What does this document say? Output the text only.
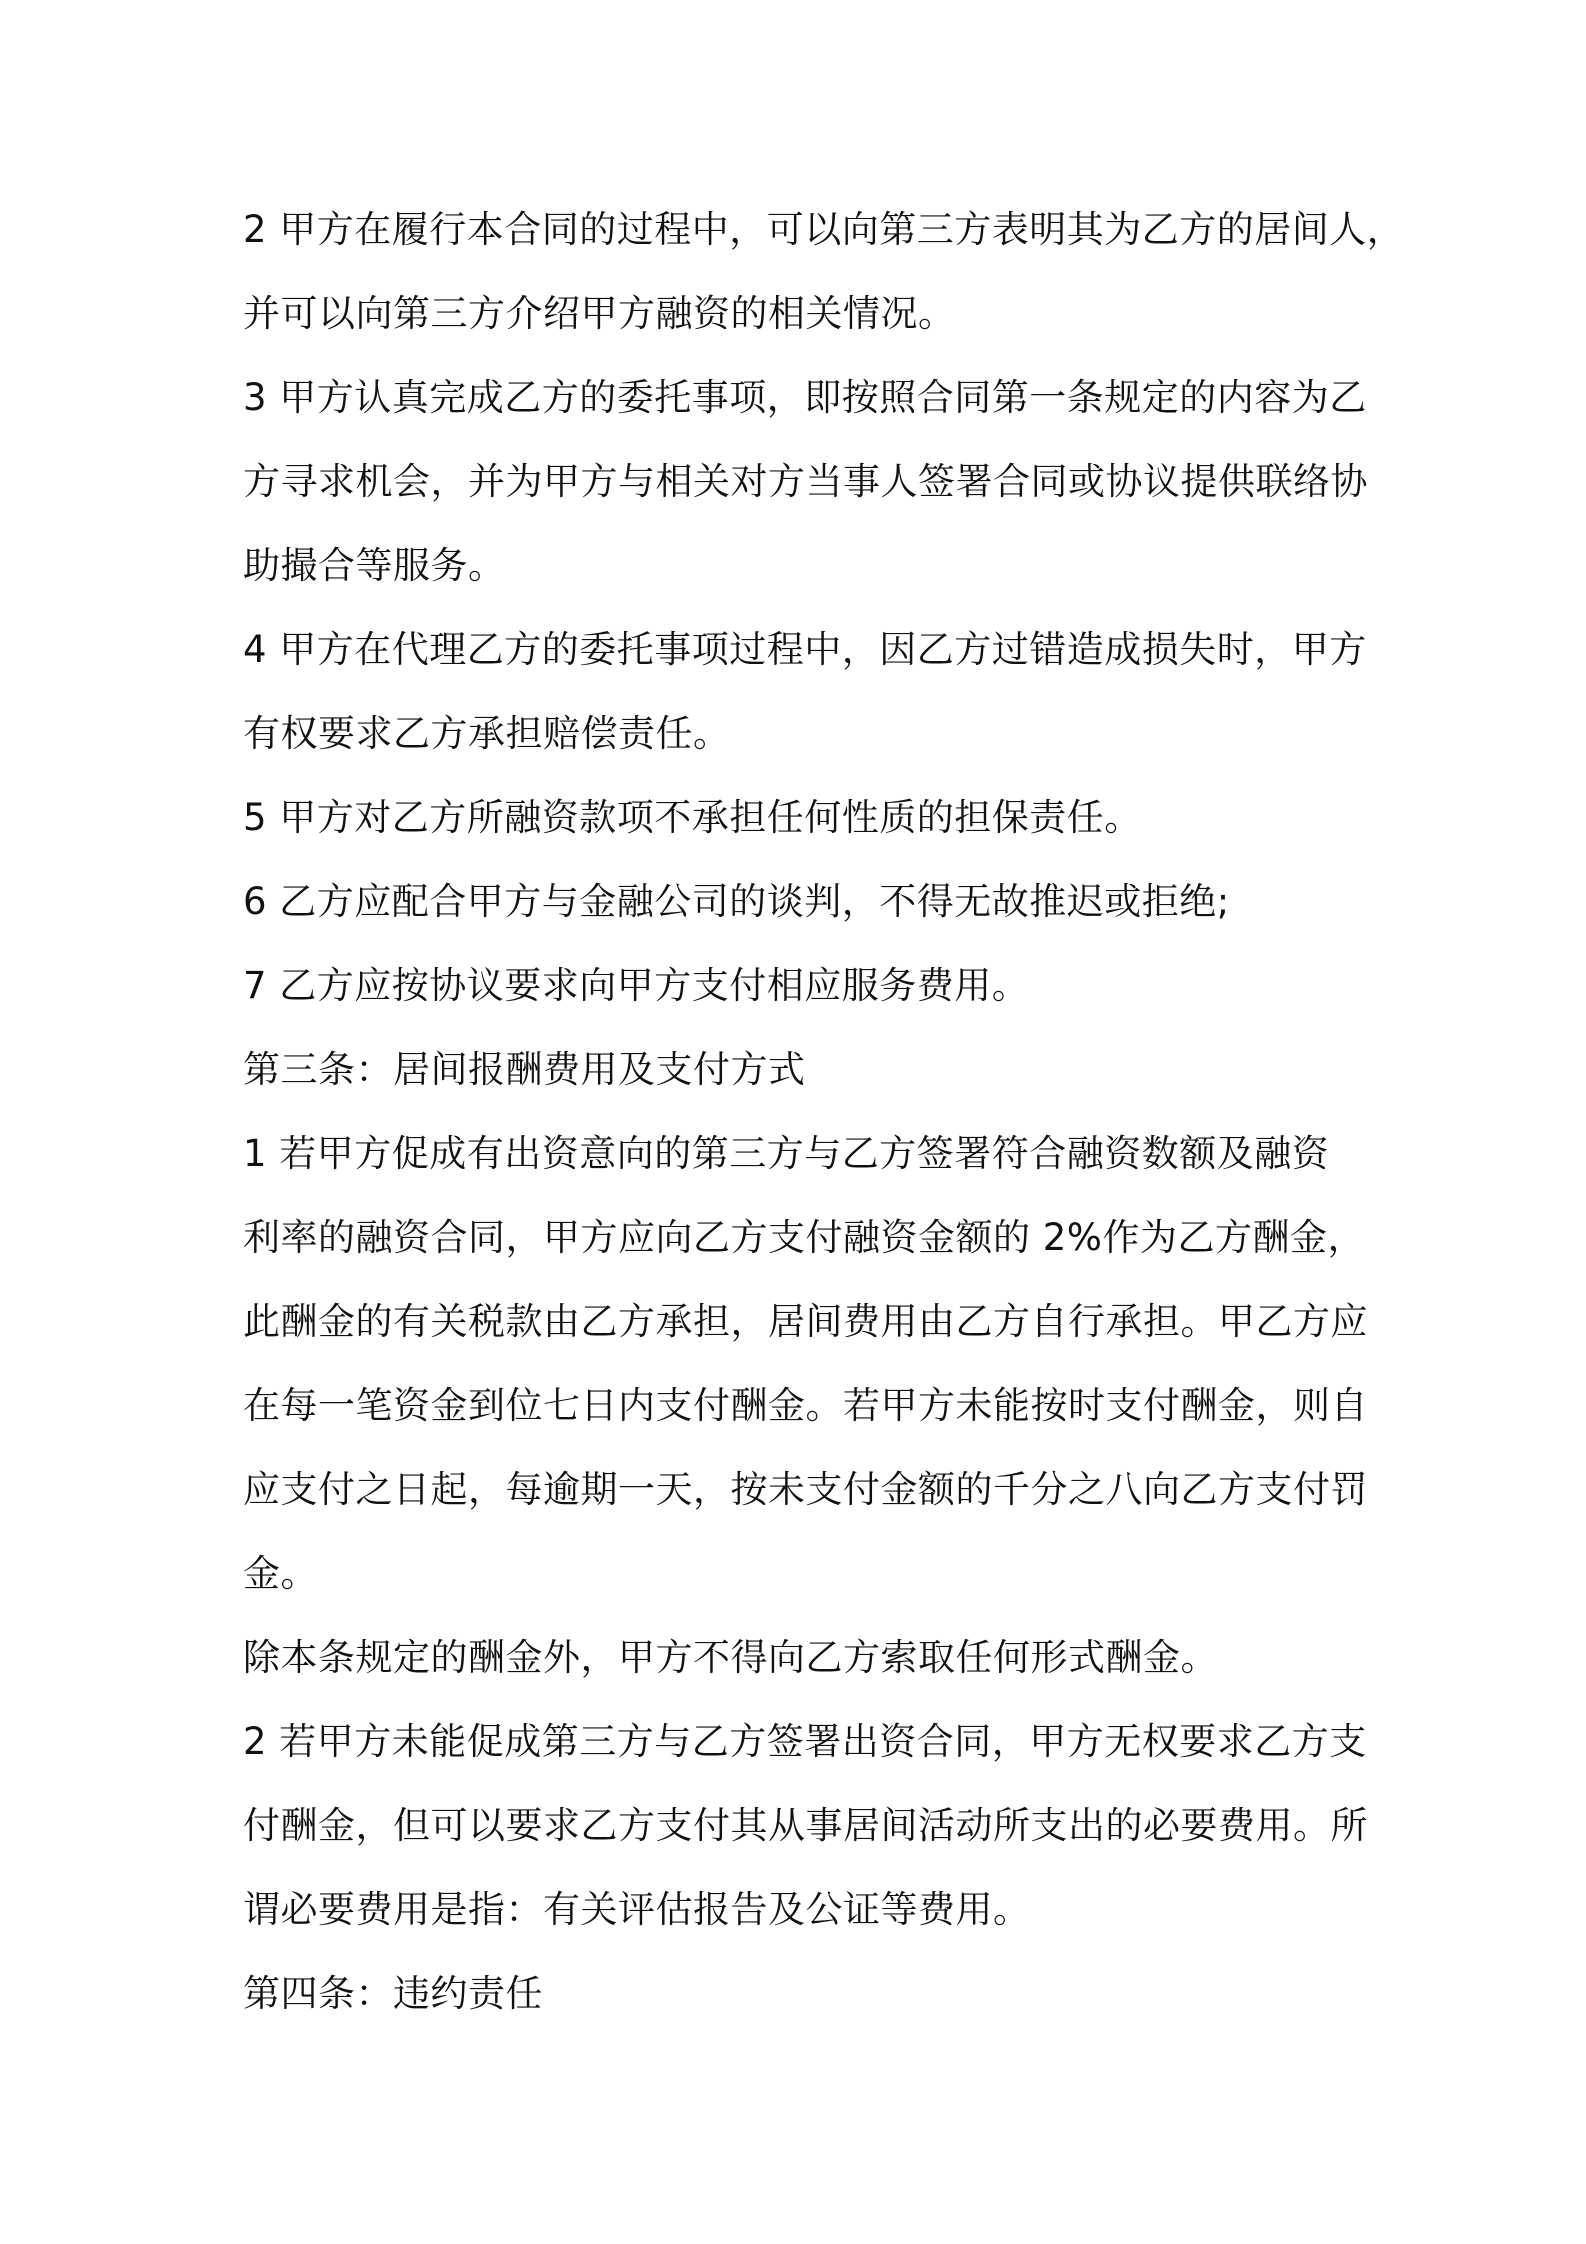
2 甲方在履行本合同的过程中，可以向第三方表明其为乙方的居间人，
并可以向第三方介绍甲方融资的相关情况。
3 甲方认真完成乙方的委托事项，即按照合同第一条规定的内容为乙
方寻求机会，并为甲方与相关对方当事人签署合同或协议提供联络协
助撮合等服务。
4 甲方在代理乙方的委托事项过程中，因乙方过错造成损失时，甲方
有权要求乙方承担赔偿责任。
5 甲方对乙方所融资款项不承担任何性质的担保责任。
6 乙方应配合甲方与金融公司的谈判，不得无故推迟或拒绝;
7 乙方应按协议要求向甲方支付相应服务费用。
第三条：居间报酬费用及支付方式
1 若甲方促成有出资意向的第三方与乙方签署符合融资数额及融资
利率的融资合同，甲方应向乙方支付融资金额的 2%作为乙方酬金，
此酬金的有关税款由乙方承担，居间费用由乙方自行承担。甲乙方应
在每一笔资金到位七日内支付酬金。若甲方未能按时支付酬金，则自
应支付之日起，每逾期一天，按未支付金额的千分之八向乙方支付罚
金。
除本条规定的酬金外，甲方不得向乙方索取任何形式酬金。
2 若甲方未能促成第三方与乙方签署出资合同，甲方无权要求乙方支
付酬金，但可以要求乙方支付其从事居间活动所支出的必要费用。所
谓必要费用是指：有关评估报告及公证等费用。
第四条：违约责任
